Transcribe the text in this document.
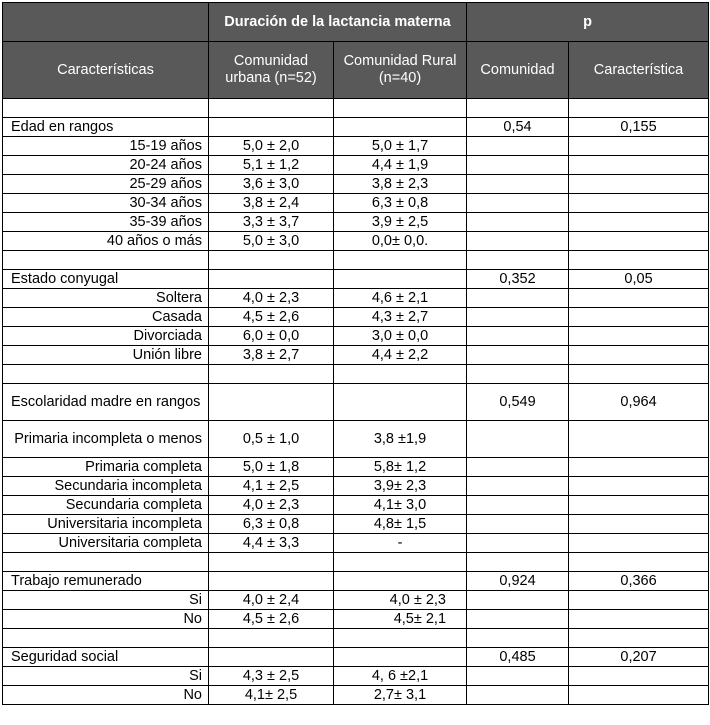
	Duración de la lactancia materna		p	
Características	Comunidad urbana (n=52)	Comunidad Rural (n=40)	Comunidad	Característica

Edad en rangos			0,54	0,155
15-19 años	5,0 ± 2,0	5,0 ± 1,7		
20-24 años	5,1 ± 1,2	4,4 ± 1,9		
25-29 años	3,6 ± 3,0	3,8 ± 2,3		
30-34 años	3,8 ± 2,4	6,3 ± 0,8		
35-39 años	3,3 ± 3,7	3,9 ± 2,5		
40 años o más	5,0 ± 3,0	0,0± 0,0.		

Estado conyugal			0,352	0,05
Soltera	4,0 ± 2,3	4,6 ± 2,1		
Casada	4,5 ± 2,6	4,3 ± 2,7		
Divorciada	6,0 ± 0,0	3,0 ± 0,0		
Unión libre	3,8 ± 2,7	4,4 ± 2,2		

Escolaridad madre en rangos			0,549	0,964
Primaria incompleta o menos	0,5 ± 1,0	3,8 ±1,9		
Primaria completa	5,0 ± 1,8	5,8± 1,2		
Secundaria incompleta	4,1 ± 2,5	3,9± 2,3		
Secundaria completa	4,0 ± 2,3	4,1± 3,0		
Universitaria incompleta	6,3 ± 0,8	4,8± 1,5		
Universitaria completa	4,4 ± 3,3	-		

Trabajo remunerado			0,924	0,366
Si	4,0 ± 2,4	4,0 ± 2,3		
No	4,5 ± 2,6	4,5± 2,1		

Seguridad social			0,485	0,207
Si	4,3 ± 2,5	4, 6 ±2,1		
No	4,1± 2,5	2,7± 3,1		
